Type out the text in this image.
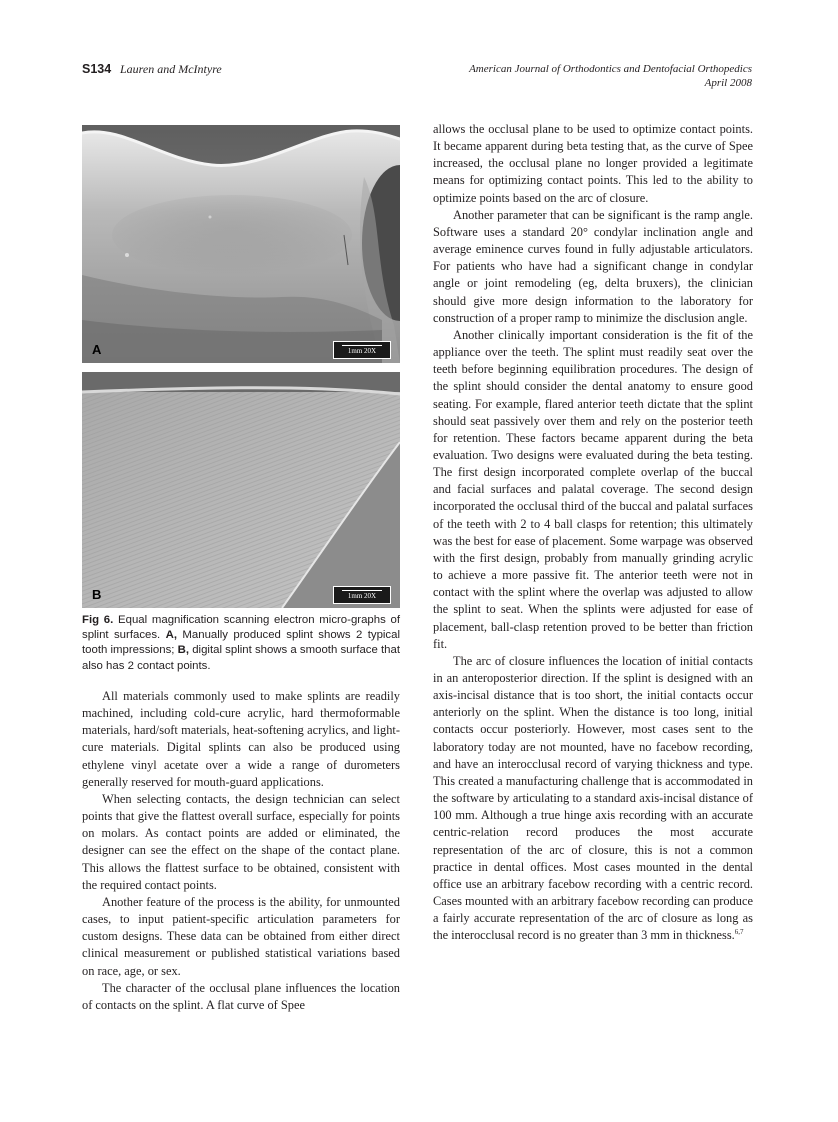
S134 Lauren and McIntyre	American Journal of Orthodontics and Dentofacial Orthopedics
April 2008
A	1mm 20X
B	1mm 20X
Fig 6. Equal magnification scanning electron micro-graphs of splint surfaces. A, Manually produced splint shows 2 typical tooth impressions; B, digital splint shows a smooth surface that also has 2 contact points.

All materials commonly used to make splints are readily machined, including cold-cure acrylic, hard thermoformable materials, hard/soft materials, heat-softening acrylics, and light-cure materials. Digital splints can also be produced using ethylene vinyl acetate over a wide a range of durometers generally reserved for mouth-guard applications.

When selecting contacts, the design technician can select points that give the flattest overall surface, especially for points on molars. As contact points are added or eliminated, the designer can see the effect on the shape of the contact plane. This allows the flattest surface to be obtained, consistent with the required contact points.

Another feature of the process is the ability, for unmounted cases, to input patient-specific articulation parameters for custom designs. These data can be obtained from either direct clinical measurement or published statistical variations based on race, age, or sex.

The character of the occlusal plane influences the location of contacts on the splint. A flat curve of Spee

allows the occlusal plane to be used to optimize contact points. It became apparent during beta testing that, as the curve of Spee increased, the occlusal plane no longer provided a legitimate means for optimizing contact points. This led to the ability to optimize points based on the arc of closure.

Another parameter that can be significant is the ramp angle. Software uses a standard 20° condylar inclination angle and average eminence curves found in fully adjustable articulators. For patients who have had a significant change in condylar angle or joint remodeling (eg, delta bruxers), the clinician should give more design information to the laboratory for construction of a proper ramp to minimize the disclusion angle.

Another clinically important consideration is the fit of the appliance over the teeth. The splint must readily seat over the teeth before beginning equilibration procedures. The design of the splint should consider the dental anatomy to ensure good seating. For example, flared anterior teeth dictate that the splint should seat passively over them and rely on the posterior teeth for retention. These factors became apparent during the beta evaluation. Two designs were evaluated during the beta testing. The first design incorporated complete overlap of the buccal and facial surfaces and palatal coverage. The second design incorporated the occlusal third of the buccal and palatal surfaces of the teeth with 2 to 4 ball clasps for retention; this ultimately was the best for ease of placement. Some warpage was observed with the first design, probably from manually grinding acrylic to achieve a more passive fit. The anterior teeth were not in contact with the splint where the overlap was adjusted to allow the splint to seat. When the splints were adjusted for ease of placement, ball-clasp retention proved to be better than friction fit.

The arc of closure influences the location of initial contacts in an anteroposterior direction. If the splint is designed with an axis-incisal distance that is too short, the initial contacts occur anteriorly on the splint. When the distance is too long, initial contacts occur posteriorly. However, most cases sent to the laboratory today are not mounted, have no facebow recording, and have an interocclusal record of varying thickness and type. This created a manufacturing challenge that is accommodated in the software by articulating to a standard axis-incisal distance of 100 mm. Although a true hinge axis recording with an accurate centric-relation record produces the most accurate representation of the arc of closure, this is not a common practice in dental offices. Most cases mounted in the dental office use an arbitrary facebow recording with a centric record. Cases mounted with an arbitrary facebow recording can produce a fairly accurate representation of the arc of closure as long as the interocclusal record is no greater than 3 mm in thickness.$^{6,7}$
